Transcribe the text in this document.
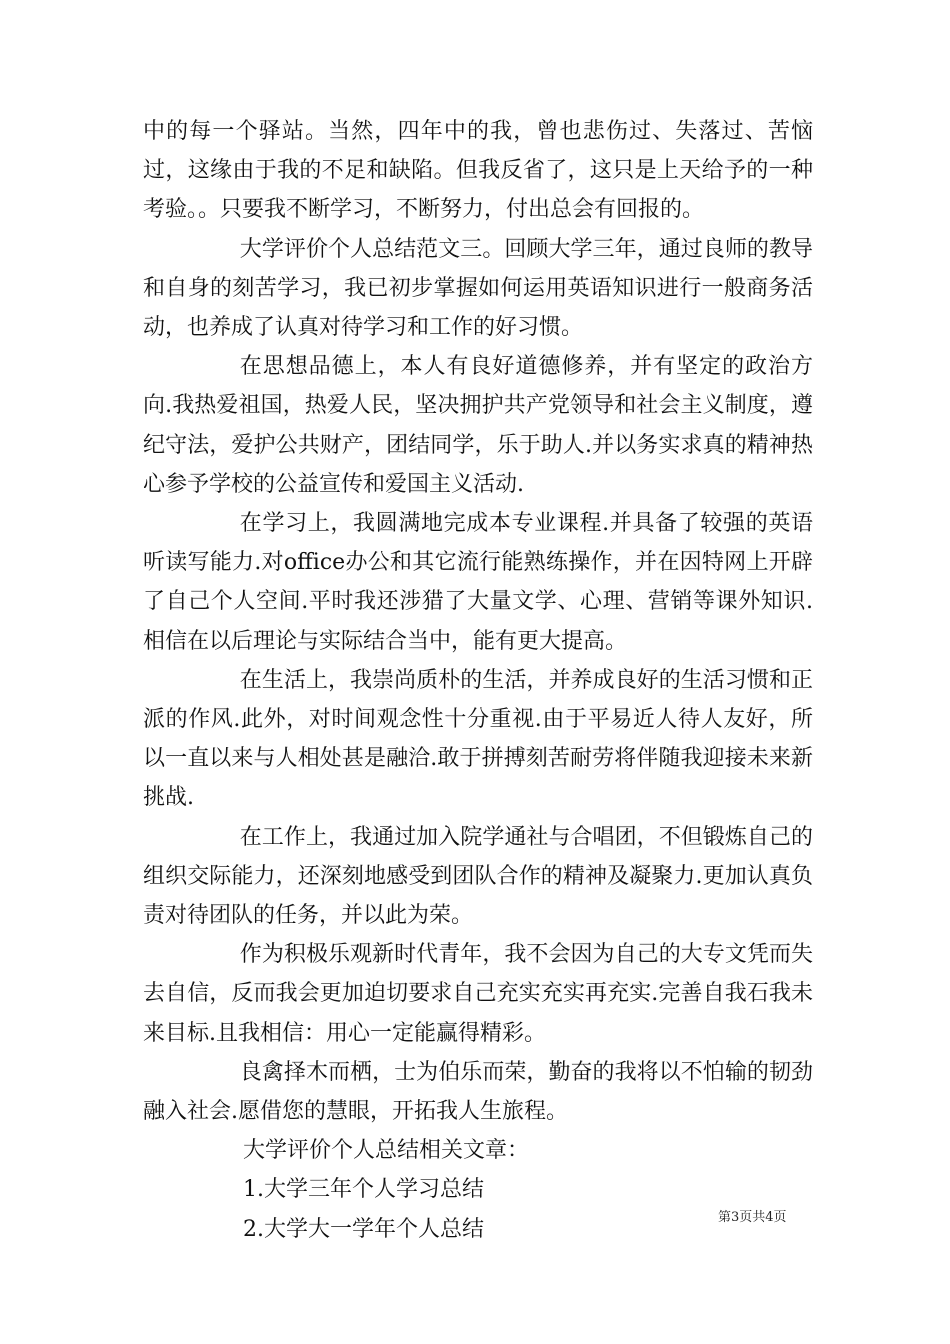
中的每一个驿站。当然，四年中的我，曾也悲伤过、失落过、苦恼过，这缘由于我的不足和缺陷。但我反省了，这只是上天给予的一种考验。。只要我不断学习，不断努力，付出总会有回报的。

大学评价个人总结范文三。回顾大学三年，通过良师的教导和自身的刻苦学习，我已初步掌握如何运用英语知识进行一般商务活动，也养成了认真对待学习和工作的好习惯。

在思想品德上，本人有良好道德修养，并有坚定的政治方向.我热爱祖国，热爱人民，坚决拥护共产党领导和社会主义制度，遵纪守法，爱护公共财产，团结同学，乐于助人.并以务实求真的精神热心参予学校的公益宣传和爱国主义活动.

在学习上，我圆满地完成本专业课程.并具备了较强的英语听读写能力.对office办公和其它流行能熟练操作，并在因特网上开辟了自己个人空间.平时我还涉猎了大量文学、心理、营销等课外知识.相信在以后理论与实际结合当中，能有更大提高。

在生活上，我崇尚质朴的生活，并养成良好的生活习惯和正派的作风.此外，对时间观念性十分重视.由于平易近人待人友好，所以一直以来与人相处甚是融洽.敢于拼搏刻苦耐劳将伴随我迎接未来新挑战.

在工作上，我通过加入院学通社与合唱团，不但锻炼自己的组织交际能力，还深刻地感受到团队合作的精神及凝聚力.更加认真负责对待团队的任务，并以此为荣。

作为积极乐观新时代青年，我不会因为自己的大专文凭而失去自信，反而我会更加迫切要求自己充实充实再充实.完善自我石我未来目标.且我相信：用心一定能赢得精彩。

良禽择木而栖，士为伯乐而荣，勤奋的我将以不怕输的韧劲融入社会.愿借您的慧眼，开拓我人生旅程。

大学评价个人总结相关文章：

1.大学三年个人学习总结

2.大学大一学年个人总结	第3页共4页
